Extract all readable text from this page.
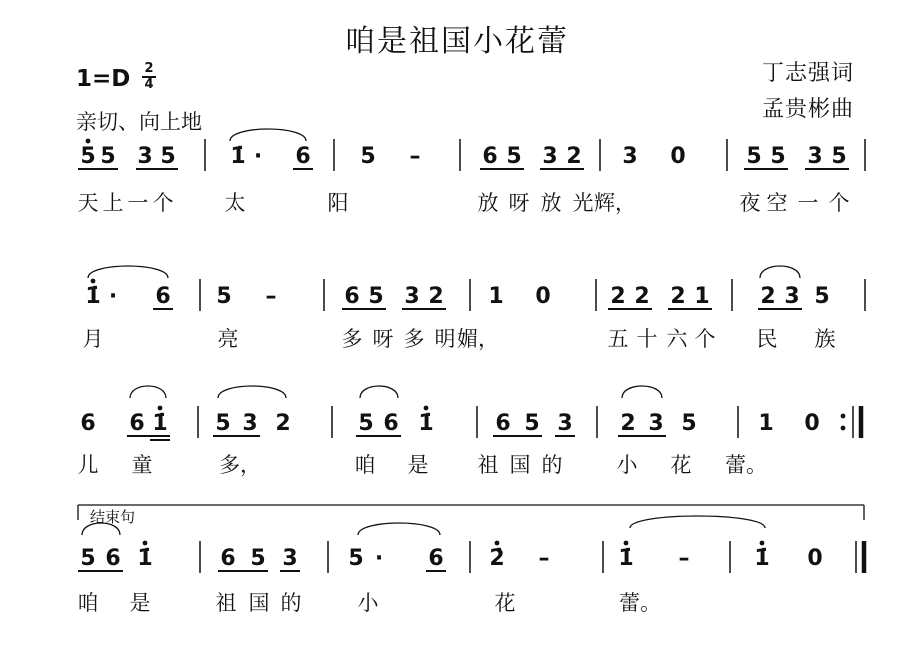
咱是祖国小花蕾
丁志强词
孟贵彬曲
1=D 2
4
亲切、向上地
5 5 3 5 1̇ · 6 5 –	6 5 3 2 3 0	5 5 3 5
天 上 一 个 太	阳	放 呀 放 光 辉，	夜 空 一 个
1̇ · 6 5 –	6 5 3 2 1 0	2 2 2 1 2 3 5
月	亮	多 呀 多 明 媚，	五 十 六 个 民 族
6 6 1̇ 5 3 2	5 6 1̇	6 5 3 2 3 5	1 0
儿 童	多，	咱 是 祖 国 的	小 花 蕾。
5 6 1̇	6 5 3 5 · 6 2̇ –	1̇ –	1̇ 0
咱 是	祖 国 的	小	花	蕾。
结束句
